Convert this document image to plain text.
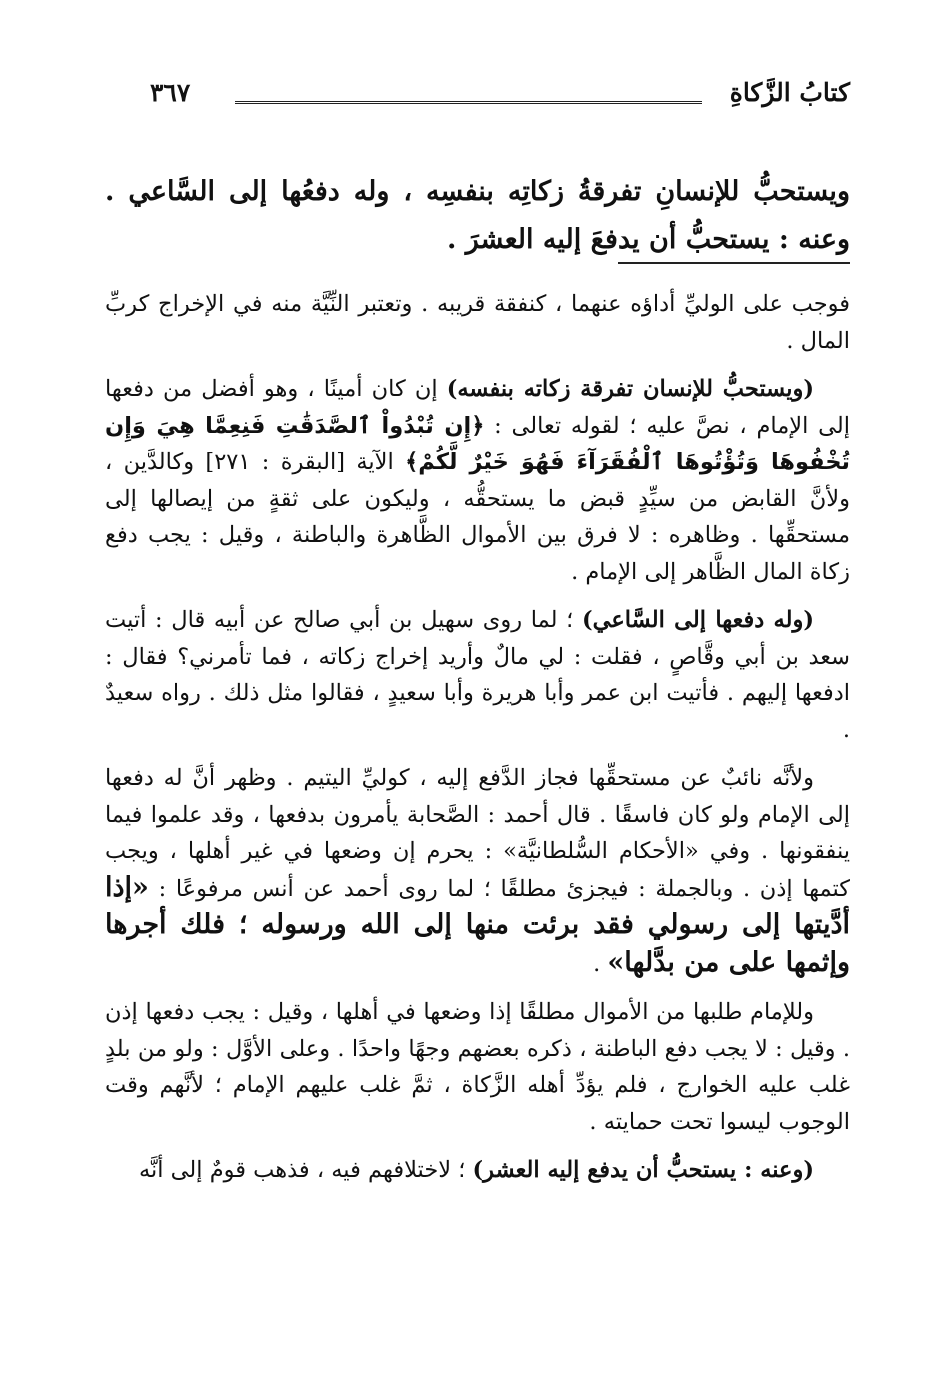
كتابُ الزَّكاةِ
٣٦٧

ويستحبُّ للإنسانِ تفرقةُ زكاتِه بنفسِه ، وله دفعُها إلى السَّاعي . وعنه : يستحبُّ أن يدفعَ إليه العشرَ .

فوجب على الوليِّ أداؤه عنهما ، كنفقة قريبه . وتعتبر النِّيَّة منه في الإخراج كربِّ المال .

(ويستحبُّ للإنسان تفرقة زكاته بنفسه) إن كان أمينًا ، وهو أفضل من دفعها إلى الإمام ، نصَّ عليه ؛ لقوله تعالى : ﴿إِن تُبْدُواْ ٱلصَّدَقَٰتِ فَنِعِمَّا هِيَ وَإِن تُخْفُوهَا وَتُؤْتُوهَا ٱلْفُقَرَآءَ فَهُوَ خَيْرٌ لَّكُمْ﴾ الآية [البقرة : ٢٧١] وكالدَّين ، ولأنَّ القابض من سيِّدٍ قبض ما يستحقُّه ، وليكون على ثقةٍ من إيصالها إلى مستحقِّها . وظاهره : لا فرق بين الأموال الظَّاهرة والباطنة ، وقيل : يجب دفع زكاة المال الظَّاهر إلى الإمام .

(وله دفعها إلى السَّاعي) ؛ لما روى سهيل بن أبي صالح عن أبيه قال : أتيت سعد بن أبي وقَّاصٍ ، فقلت : لي مالٌ وأريد إخراج زكاته ، فما تأمرني؟ فقال : ادفعها إليهم . فأتيت ابن عمر وأبا هريرة وأبا سعيدٍ ، فقالوا مثل ذلك . رواه سعيدٌ .

ولأنَّه نائبٌ عن مستحقِّها فجاز الدَّفع إليه ، كوليِّ اليتيم . وظهر أنَّ له دفعها إلى الإمام ولو كان فاسقًا . قال أحمد : الصَّحابة يأمرون بدفعها ، وقد علموا فيما ينفقونها . وفي «الأحكام السُّلطانيَّة» : يحرم إن وضعها في غير أهلها ، ويجب كتمها إذن . وبالجملة : فيجزئ مطلقًا ؛ لما روى أحمد عن أنس مرفوعًا : «إذا أدَّيتها إلى رسولي فقد برئت منها إلى الله ورسوله ؛ فلك أجرها وإثمها على من بدَّلها» .

وللإمام طلبها من الأموال مطلقًا إذا وضعها في أهلها ، وقيل : يجب دفعها إذن . وقيل : لا يجب دفع الباطنة ، ذكره بعضهم وجهًا واحدًا . وعلى الأوَّل : ولو من بلدٍ غلب عليه الخوارج ، فلم يؤدِّ أهله الزَّكاة ، ثمَّ غلب عليهم الإمام ؛ لأنَّهم وقت الوجوب ليسوا تحت حمايته .

(وعنه : يستحبُّ أن يدفع إليه العشر) ؛ لاختلافهم فيه ، فذهب قومٌ إلى أنَّه
